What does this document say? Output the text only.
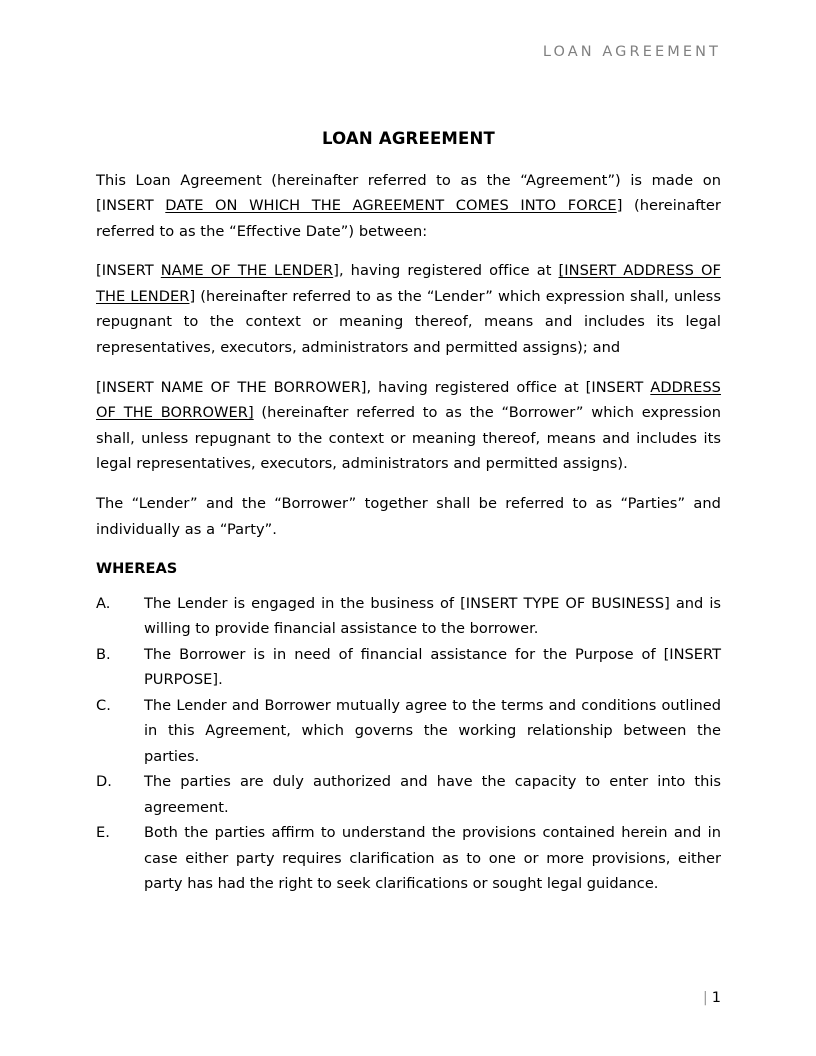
LOAN AGREEMENT
LOAN AGREEMENT

This Loan Agreement (hereinafter referred to as the “Agreement”) is made on [INSERT DATE ON WHICH THE AGREEMENT COMES INTO FORCE] (hereinafter referred to as the “Effective Date”) between:

[INSERT NAME OF THE LENDER], having registered office at [INSERT ADDRESS OF THE LENDER] (hereinafter referred to as the “Lender” which expression shall, unless repugnant to the context or meaning thereof, means and includes its legal representatives, executors, administrators and permitted assigns); and

[INSERT NAME OF THE BORROWER], having registered office at [INSERT ADDRESS OF THE BORROWER] (hereinafter referred to as the “Borrower” which expression shall, unless repugnant to the context or meaning thereof, means and includes its legal representatives, executors, administrators and permitted assigns).

The “Lender” and the “Borrower” together shall be referred to as “Parties” and individually as a “Party”.

WHEREAS

A.	The Lender is engaged in the business of [INSERT TYPE OF BUSINESS] and is willing to provide financial assistance to the borrower.
B.	The Borrower is in need of financial assistance for the Purpose of [INSERT PURPOSE].
C.	The Lender and Borrower mutually agree to the terms and conditions outlined in this Agreement, which governs the working relationship between the parties.
D.	The parties are duly authorized and have the capacity to enter into this agreement.
E.	Both the parties affirm to understand the provisions contained herein and in case either party requires clarification as to one or more provisions, either party has had the right to seek clarifications or sought legal guidance.
| 1
